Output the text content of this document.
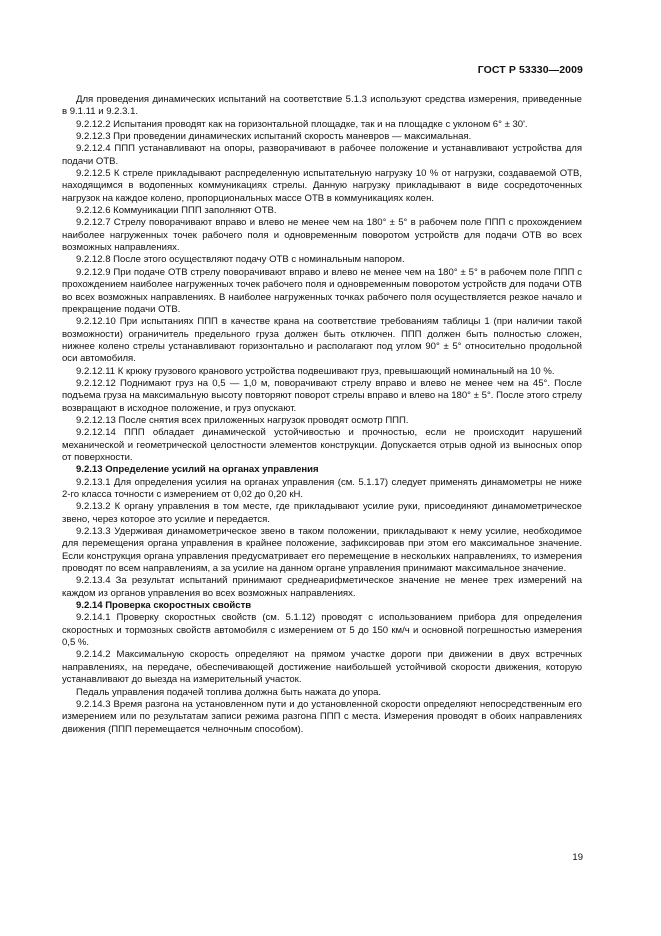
ГОСТ Р 53330—2009

Для проведения динамических испытаний на соответствие 5.1.3 используют средства измерения, приведенные в 9.1.11 и 9.2.3.1.

9.2.12.2 Испытания проводят как на горизонтальной площадке, так и на площадке с уклоном 6° ± 30'.

9.2.12.3 При проведении динамических испытаний скорость маневров — максимальная.

9.2.12.4 ППП устанавливают на опоры, разворачивают в рабочее положение и устанавливают устройства для подачи ОТВ.

9.2.12.5 К стреле прикладывают распределенную испытательную нагрузку 10 % от нагрузки, создаваемой ОТВ, находящимся в водопенных коммуникациях стрелы. Данную нагрузку прикладывают в виде сосредоточенных нагрузок на каждое колено, пропорциональных массе ОТВ в коммуникациях колен.

9.2.12.6 Коммуникации ППП заполняют ОТВ.

9.2.12.7 Стрелу поворачивают вправо и влево не менее чем на 180° ± 5° в рабочем поле ППП с прохождением наиболее нагруженных точек рабочего поля и одновременным поворотом устройств для подачи ОТВ во всех возможных направлениях.

9.2.12.8 После этого осуществляют подачу ОТВ с номинальным напором.

9.2.12.9 При подаче ОТВ стрелу поворачивают вправо и влево не менее чем на 180° ± 5° в рабочем поле ППП с прохождением наиболее нагруженных точек рабочего поля и одновременным поворотом устройств для подачи ОТВ во всех возможных направлениях. В наиболее нагруженных точках рабочего поля осуществляется резкое начало и прекращение подачи ОТВ.

9.2.12.10 При испытаниях ППП в качестве крана на соответствие требованиям таблицы 1 (при наличии такой возможности) ограничитель предельного груза должен быть отключен. ППП должен быть полностью сложен, нижнее колено стрелы устанавливают горизонтально и располагают под углом 90° ± 5° относительно продольной оси автомобиля.

9.2.12.11 К крюку грузового кранового устройства подвешивают груз, превышающий номинальный на 10 %.

9.2.12.12 Поднимают груз на 0,5 — 1,0 м, поворачивают стрелу вправо и влево не менее чем на 45°. После подъема груза на максимальную высоту повторяют поворот стрелы вправо и влево на 180° ± 5°. После этого стрелу возвращают в исходное положение, и груз опускают.

9.2.12.13 После снятия всех приложенных нагрузок проводят осмотр ППП.

9.2.12.14 ППП обладает динамической устойчивостью и прочностью, если не происходит нарушений механической и геометрической целостности элементов конструкции. Допускается отрыв одной из выносных опор от поверхности.

9.2.13 Определение усилий на органах управления

9.2.13.1 Для определения усилия на органах управления (см. 5.1.17) следует применять динамометры не ниже 2-го класса точности с измерением от 0,02 до 0,20 кН.

9.2.13.2 К органу управления в том месте, где прикладывают усилие руки, присоединяют динамометрическое звено, через которое это усилие и передается.

9.2.13.3 Удерживая динамометрическое звено в таком положении, прикладывают к нему усилие, необходимое для перемещения органа управления в крайнее положение, зафиксировав при этом его максимальное значение. Если конструкция органа управления предусматривает его перемещение в нескольких направлениях, то измерения проводят по всем направлениям, а за усилие на данном органе управления принимают максимальное значение.

9.2.13.4 За результат испытаний принимают среднеарифметическое значение не менее трех измерений на каждом из органов управления во всех возможных направлениях.

9.2.14 Проверка скоростных свойств

9.2.14.1 Проверку скоростных свойств (см. 5.1.12) проводят с использованием прибора для определения скоростных и тормозных свойств автомобиля с измерением от 5 до 150 км/ч и основной погрешностью измерения 0,5 %.

9.2.14.2 Максимальную скорость определяют на прямом участке дороги при движении в двух встречных направлениях, на передаче, обеспечивающей достижение наибольшей устойчивой скорости движения, которую устанавливают до выезда на измерительный участок.

Педаль управления подачей топлива должна быть нажата до упора.

9.2.14.3 Время разгона на установленном пути и до установленной скорости определяют непосредственным его измерением или по результатам записи режима разгона ППП с места. Измерения проводят в обоих направлениях движения (ППП перемещается челночным способом).

19
